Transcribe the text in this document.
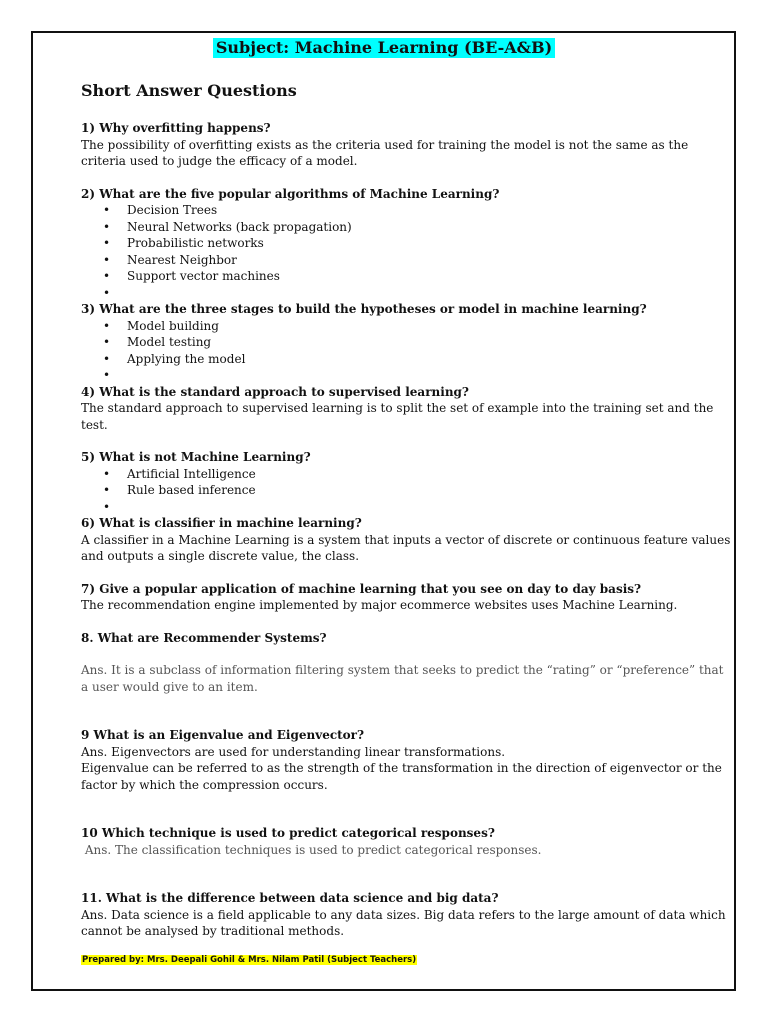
Subject: Machine Learning (BE-A&B)
Short Answer Questions

1) Why overfitting happens?

The possibility of overfitting exists as the criteria used for training the model is not the same as the criteria used to judge the efficacy of a model.

2) What are the five popular algorithms of Machine Learning?

• Decision Trees
• Neural Networks (back propagation)
• Probabilistic networks
• Nearest Neighbor
• Support vector machines
•

3) What are the three stages to build the hypotheses or model in machine learning?

• Model building
• Model testing
• Applying the model
•

4) What is the standard approach to supervised learning?

The standard approach to supervised learning is to split the set of example into the training set and the test.

5) What is not Machine Learning?

• Artificial Intelligence
• Rule based inference
•

6) What is classifier in machine learning?

A classifier in a Machine Learning is a system that inputs a vector of discrete or continuous feature values and outputs a single discrete value, the class.

7) Give a popular application of machine learning that you see on day to day basis?

The recommendation engine implemented by major ecommerce websites uses Machine Learning.

8. What are Recommender Systems?

Ans. It is a subclass of information filtering system that seeks to predict the “rating” or “preference” that a user would give to an item.

9 What is an Eigenvalue and Eigenvector?

Ans. Eigenvectors are used for understanding linear transformations.

Eigenvalue can be referred to as the strength of the transformation in the direction of eigenvector or the factor by which the compression occurs.

10 Which technique is used to predict categorical responses?

Ans. The classification techniques is used to predict categorical responses.

11. What is the difference between data science and big data?

Ans. Data science is a field applicable to any data sizes. Big data refers to the large amount of data which cannot be analysed by traditional methods.

Prepared by: Mrs. Deepali Gohil & Mrs. Nilam Patil (Subject Teachers)
